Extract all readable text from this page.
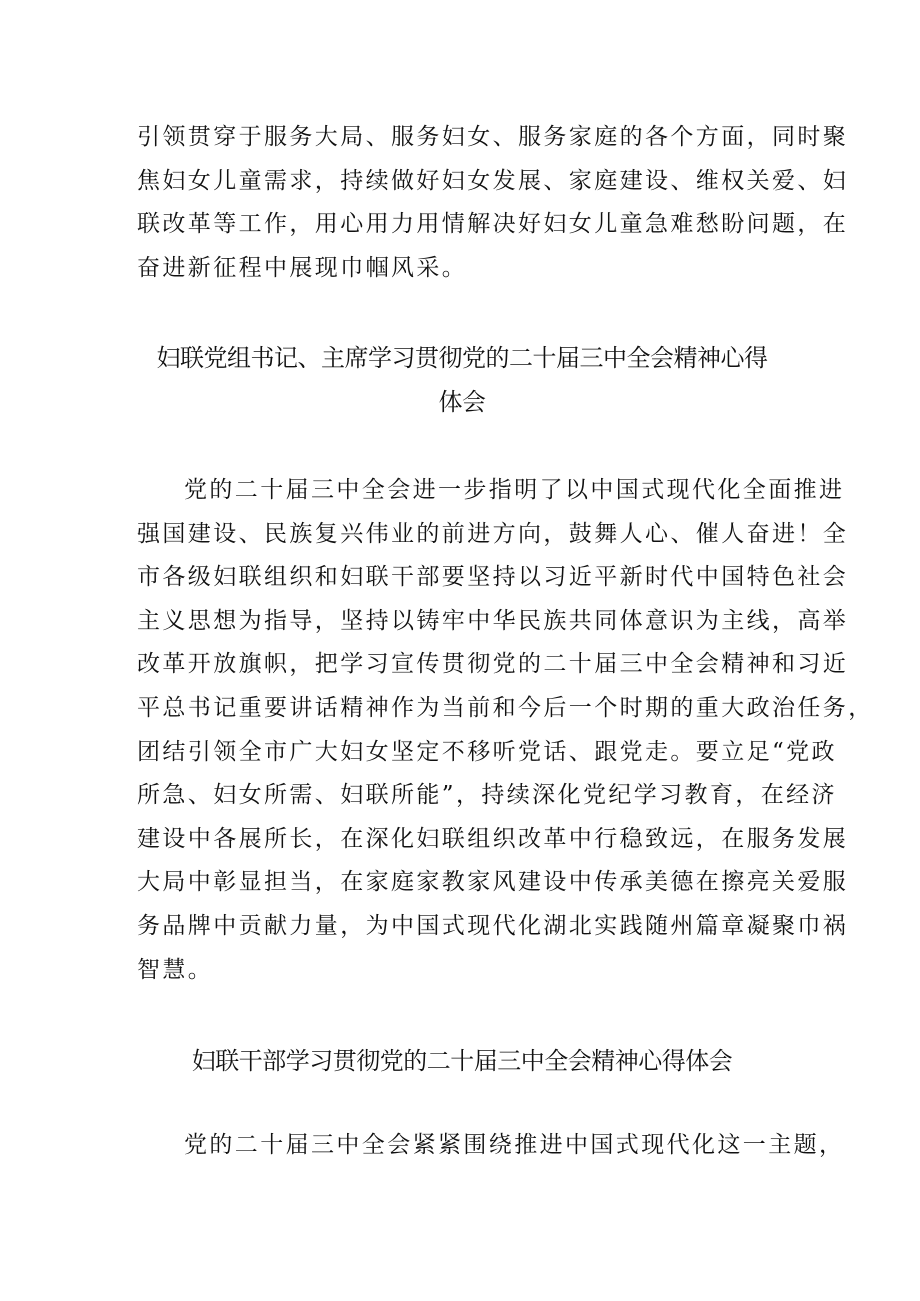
引领贯穿于服务大局、服务妇女、服务家庭的各个方面，同时聚
焦妇女儿童需求，持续做好妇女发展、家庭建设、维权关爱、妇
联改革等工作，用心用力用情解决好妇女儿童急难愁盼问题，在
奋进新征程中展现巾帼风采。
妇联党组书记、主席学习贯彻党的二十届三中全会精神心得
体会
党的二十届三中全会进一步指明了以中国式现代化全面推进
强国建设、民族复兴伟业的前进方向，鼓舞人心、催人奋进！全
市各级妇联组织和妇联干部要坚持以习近平新时代中国特色社会
主义思想为指导，坚持以铸牢中华民族共同体意识为主线，高举
改革开放旗帜，把学习宣传贯彻党的二十届三中全会精神和习近
平总书记重要讲话精神作为当前和今后一个时期的重大政治任务，
团结引领全市广大妇女坚定不移听党话、跟党走。要立足“党政
所急、妇女所需、妇联所能”，持续深化党纪学习教育，在经济
建设中各展所长，在深化妇联组织改革中行稳致远，在服务发展
大局中彰显担当，在家庭家教家风建设中传承美德在擦亮关爱服
务品牌中贡献力量，为中国式现代化湖北实践随州篇章凝聚巾祸
智慧。
妇联干部学习贯彻党的二十届三中全会精神心得体会
党的二十届三中全会紧紧围绕推进中国式现代化这一主题，
